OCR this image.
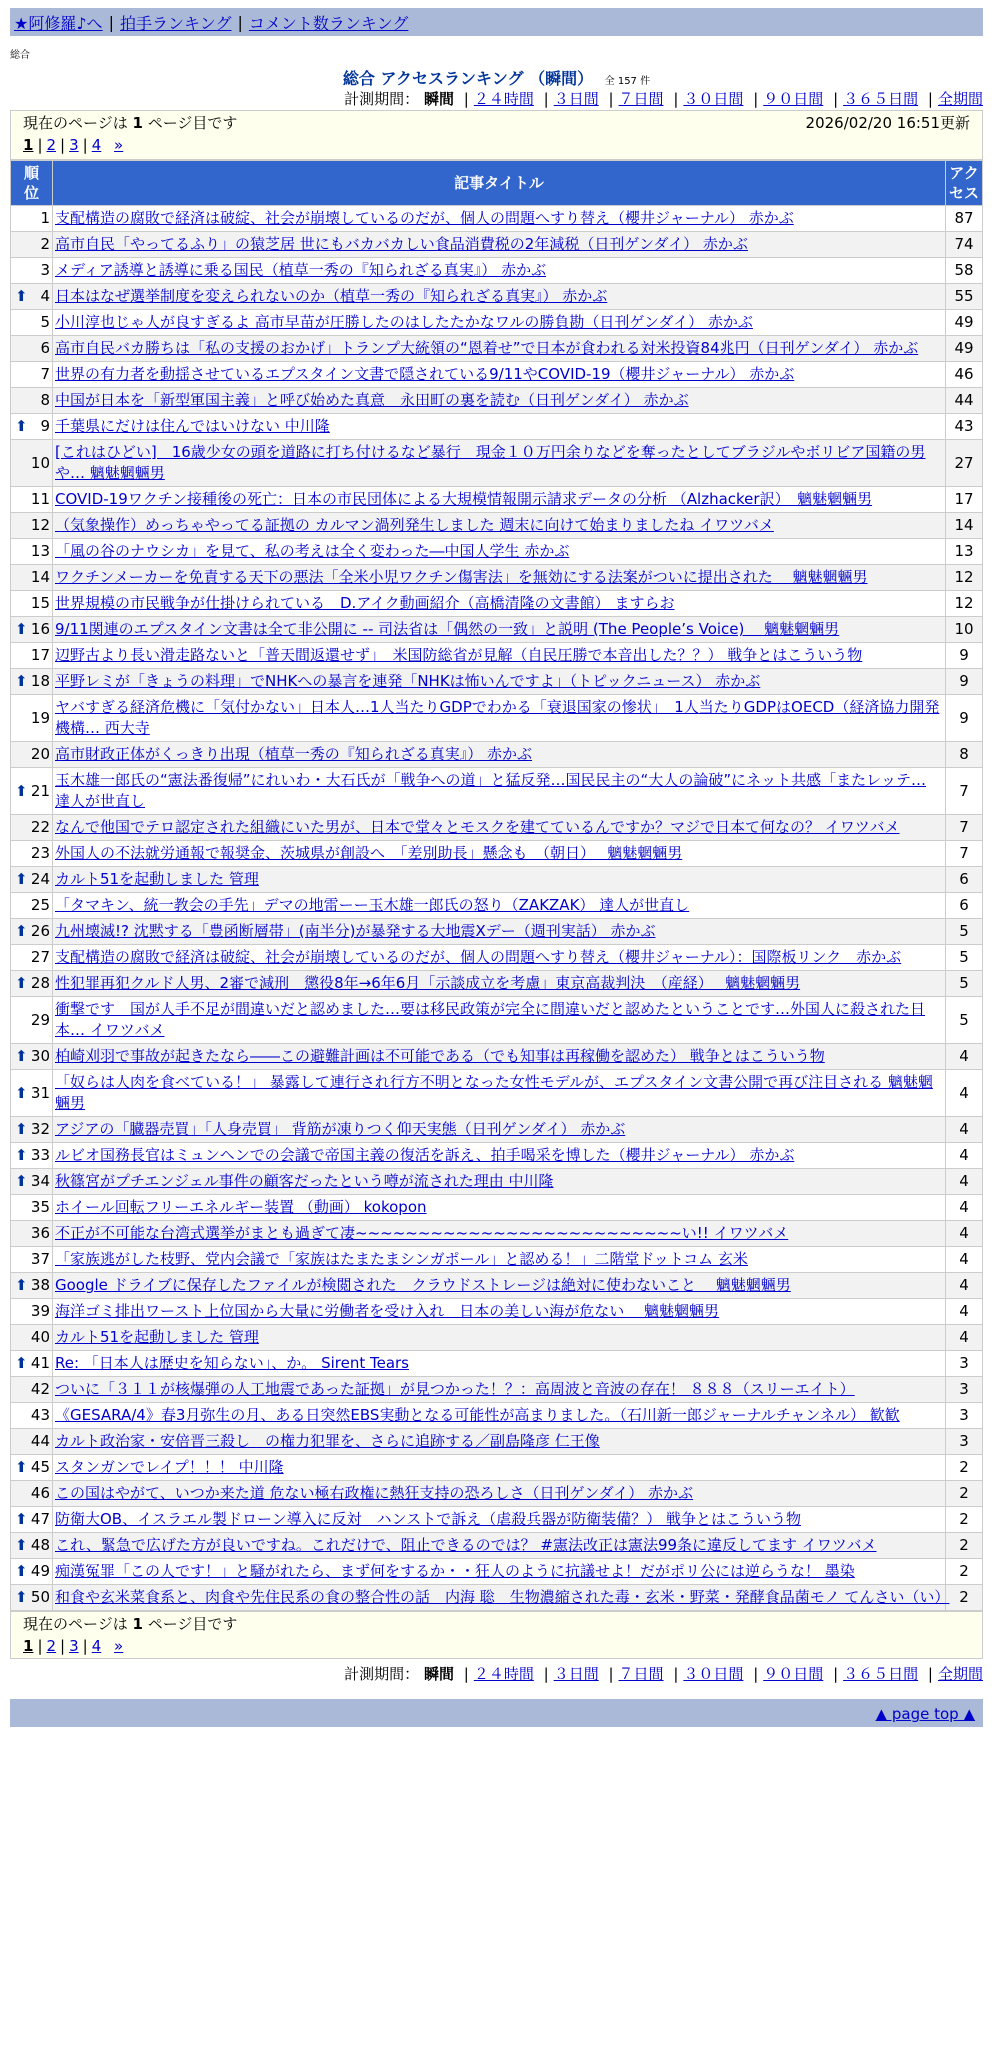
★阿修羅♪へ | 拍手ランキング | コメント数ランキング
総合
総合 アクセスランキング （瞬間） 全 157 件
計測期間： 瞬間 | ２４時間 | ３日間 | ７日間 | ３０日間 | ９０日間 | ３６５日間 | 全期間
現在のページは 1 ページ目です	2026/02/20 16:51更新
1 | 2 | 3 | 4 »
順位	記事タイトル	アクセス
1	支配構造の腐敗で経済は破綻、社会が崩壊しているのだが、個人の問題へすり替え（櫻井ジャーナル） 赤かぶ	87
2	高市自民「やってるふり」の猿芝居 世にもバカバカしい食品消費税の2年減税（日刊ゲンダイ） 赤かぶ	74
3	メディア誘導と誘導に乗る国民（植草一秀の『知られざる真実』） 赤かぶ	58

⬆ 4	日本はなぜ選挙制度を変えられないのか（植草一秀の『知られざる真実』） 赤かぶ	55
5	小川淳也じゃ人が良すぎるよ 高市早苗が圧勝したのはしたたかなワルの勝負勘（日刊ゲンダイ） 赤かぶ	49
6	高市自民バカ勝ちは「私の支援のおかげ」トランプ大統領の“恩着せ”で日本が食われる対米投資84兆円（日刊ゲンダイ） 赤かぶ	49
7	世界の有力者を動揺させているエプスタイン文書で隠されている9/11やCOVID-19（櫻井ジャーナル） 赤かぶ	46
8	中国が日本を「新型軍国主義」と呼び始めた真意　永田町の裏を読む（日刊ゲンダイ） 赤かぶ	44

⬆ 9	千葉県にだけは住んではいけない 中川隆	43
10	[これはひどい]　16歳少女の頭を道路に打ち付けるなど暴行　現金１０万円余りなどを奪ったとしてブラジルやボリビア国籍の男や… 魑魅魍魎男	27
11	COVID-19ワクチン接種後の死亡：日本の市民団体による大規模情報開示請求データの分析 （Alzhacker訳）　魑魅魍魎男	17
12	（気象操作）めっちゃやってる証拠の カルマン渦列発生しました 週末に向けて始まりましたね イワツバメ	14
13	「風の谷のナウシカ」を見て、私の考えは全く変わった―中国人学生 赤かぶ	13
14	ワクチンメーカーを免責する天下の悪法「全米小児ワクチン傷害法」を無効にする法案がついに提出された　 魑魅魍魎男	12
15	世界規模の市民戦争が仕掛けられている　D.アイク動画紹介（高橋清隆の文書館） ますらお	12

⬆ 16	9/11関連のエプスタイン文書は全て非公開に -- 司法省は「偶然の一致」と説明 (The People’s Voice)　 魑魅魍魎男	10
17	辺野古より長い滑走路ないと「普天間返還せず」　米国防総省が見解（自民圧勝で本音出した？？） 戦争とはこういう物	9

⬆ 18	平野レミが「きょうの料理」でNHKへの暴言を連発「NHKは怖いんですよ」（トピックニュース） 赤かぶ	9
19	ヤバすぎる経済危機に「気付かない」日本人…1人当たりGDPでわかる「衰退国家の惨状」　1人当たりGDPはOECD（経済協力開発機構… 西大寺	9
20	高市財政正体がくっきり出現（植草一秀の『知られざる真実』） 赤かぶ	8

⬆ 21	玉木雄一郎氏の“憲法番復帰”にれいわ・大石氏が「戦争への道」と猛反発…国民民主の“大人の論破”にネット共感「またレッテ… 達人が世直し	7
22	なんで他国でテロ認定された組織にいた男が、日本で堂々とモスクを建てているんですか？マジで日本て何なの？ イワツバメ	7
23	外国人の不法就労通報で報奨金、茨城県が創設へ　「差別助長」懸念も　（朝日）　 魑魅魍魎男	7

⬆ 24	カルト51を起動しました 管理	6
25	「タマキン、統一教会の手先」デマの地雷ーー玉木雄一郎氏の怒り（ZAKZAK） 達人が世直し	6

⬆ 26	九州壊滅!? 沈黙する「豊函断層帯」(南半分)が暴発する大地震Xデー（週刊実話） 赤かぶ	5
27	支配構造の腐敗で経済は破綻、社会が崩壊しているのだが、個人の問題へすり替え（櫻井ジャーナル）：国際板リンク　赤かぶ	5

⬆ 28	性犯罪再犯クルド人男、2審で減刑　懲役8年→6年6月「示談成立を考慮」東京高裁判決　（産経）　 魑魅魍魎男	5
29	衝撃です　国が人手不足が間違いだと認めました…要は移民政策が完全に間違いだと認めたということです…外国人に殺された日本… イワツバメ	5

⬆ 30	柏崎刈羽で事故が起きたなら――この避難計画は不可能である（でも知事は再稼働を認めた） 戦争とはこういう物	4

⬆ 31	「奴らは人肉を食べている！」 暴露して連行され行方不明となった女性モデルが、エプスタイン文書公開で再び注目される 魑魅魍魎男	4

⬆ 32	アジアの「臓器売買」「人身売買」 背筋が凍りつく仰天実態（日刊ゲンダイ） 赤かぶ	4

⬆ 33	ルビオ国務長官はミュンヘンでの会議で帝国主義の復活を訴え、拍手喝采を博した（櫻井ジャーナル） 赤かぶ	4

⬆ 34	秋篠宮がプチエンジェル事件の顧客だったという噂が流された理由 中川隆	4
35	ホイール回転フリーエネルギー装置 （動画） kokopon	4
36	不正が不可能な台湾式選挙がまとも過ぎて凄~~~~~~~~~~~~~~~~~~~~~~~~~~い!! イワツバメ	4
37	「家族逃がした枝野、党内会議で「家族はたまたまシンガポール」と認める！」二階堂ドットコム 玄米	4

⬆ 38	Google ドライブに保存したファイルが検閲された　クラウドストレージは絶対に使わないこと　 魑魅魍魎男	4
39	海洋ゴミ排出ワースト上位国から大量に労働者を受け入れ　日本の美しい海が危ない　 魑魅魍魎男	4
40	カルト51を起動しました 管理	4

⬆ 41	Re: 「日本人は歴史を知らない」、か。 Sirent Tears	3
42	ついに「３１１が核爆弾の人工地震であった証拠」が見つかった！？：高周波と音波の存在！ ８８８（スリーエイト）	3
43	《GESARA/4》春3月弥生の月、ある日突然EBS実動となる可能性が高まりました。（石川新一郎ジャーナルチャンネル） 歓歓	3
44	カルト政治家・安倍晋三殺し　の権力犯罪を、さらに追跡する／副島隆彦 仁王像	3

⬆ 45	スタンガンでレイプ！！！ 中川隆	2
46	この国はやがて、いつか来た道 危ない極右政権に熱狂支持の恐ろしさ（日刊ゲンダイ） 赤かぶ	2

⬆ 47	防衛大OB、イスラエル製ドローン導入に反対　ハンストで訴え（虐殺兵器が防衛装備？） 戦争とはこういう物	2

⬆ 48	これ、緊急で広げた方が良いですね。これだけで、阻止できるのでは？ #憲法改正は憲法99条に違反してます イワツバメ	2

⬆ 49	痴漢冤罪「この人です！」と騒がれたら、まず何をするか・・狂人のように抗議せよ！だがポリ公には逆らうな！ 墨染	2

⬆ 50	和食や玄米菜食系と、肉食や先住民系の食の整合性の話　内海 聡　生物濃縮された毒・玄米・野菜・発酵食品菌モノ てんさい（い）	2
現在のページは 1 ページ目です
1 | 2 | 3 | 4 »
計測期間： 瞬間 | ２４時間 | ３日間 | ７日間 | ３０日間 | ９０日間 | ３６５日間 | 全期間
▲ page top ▲
